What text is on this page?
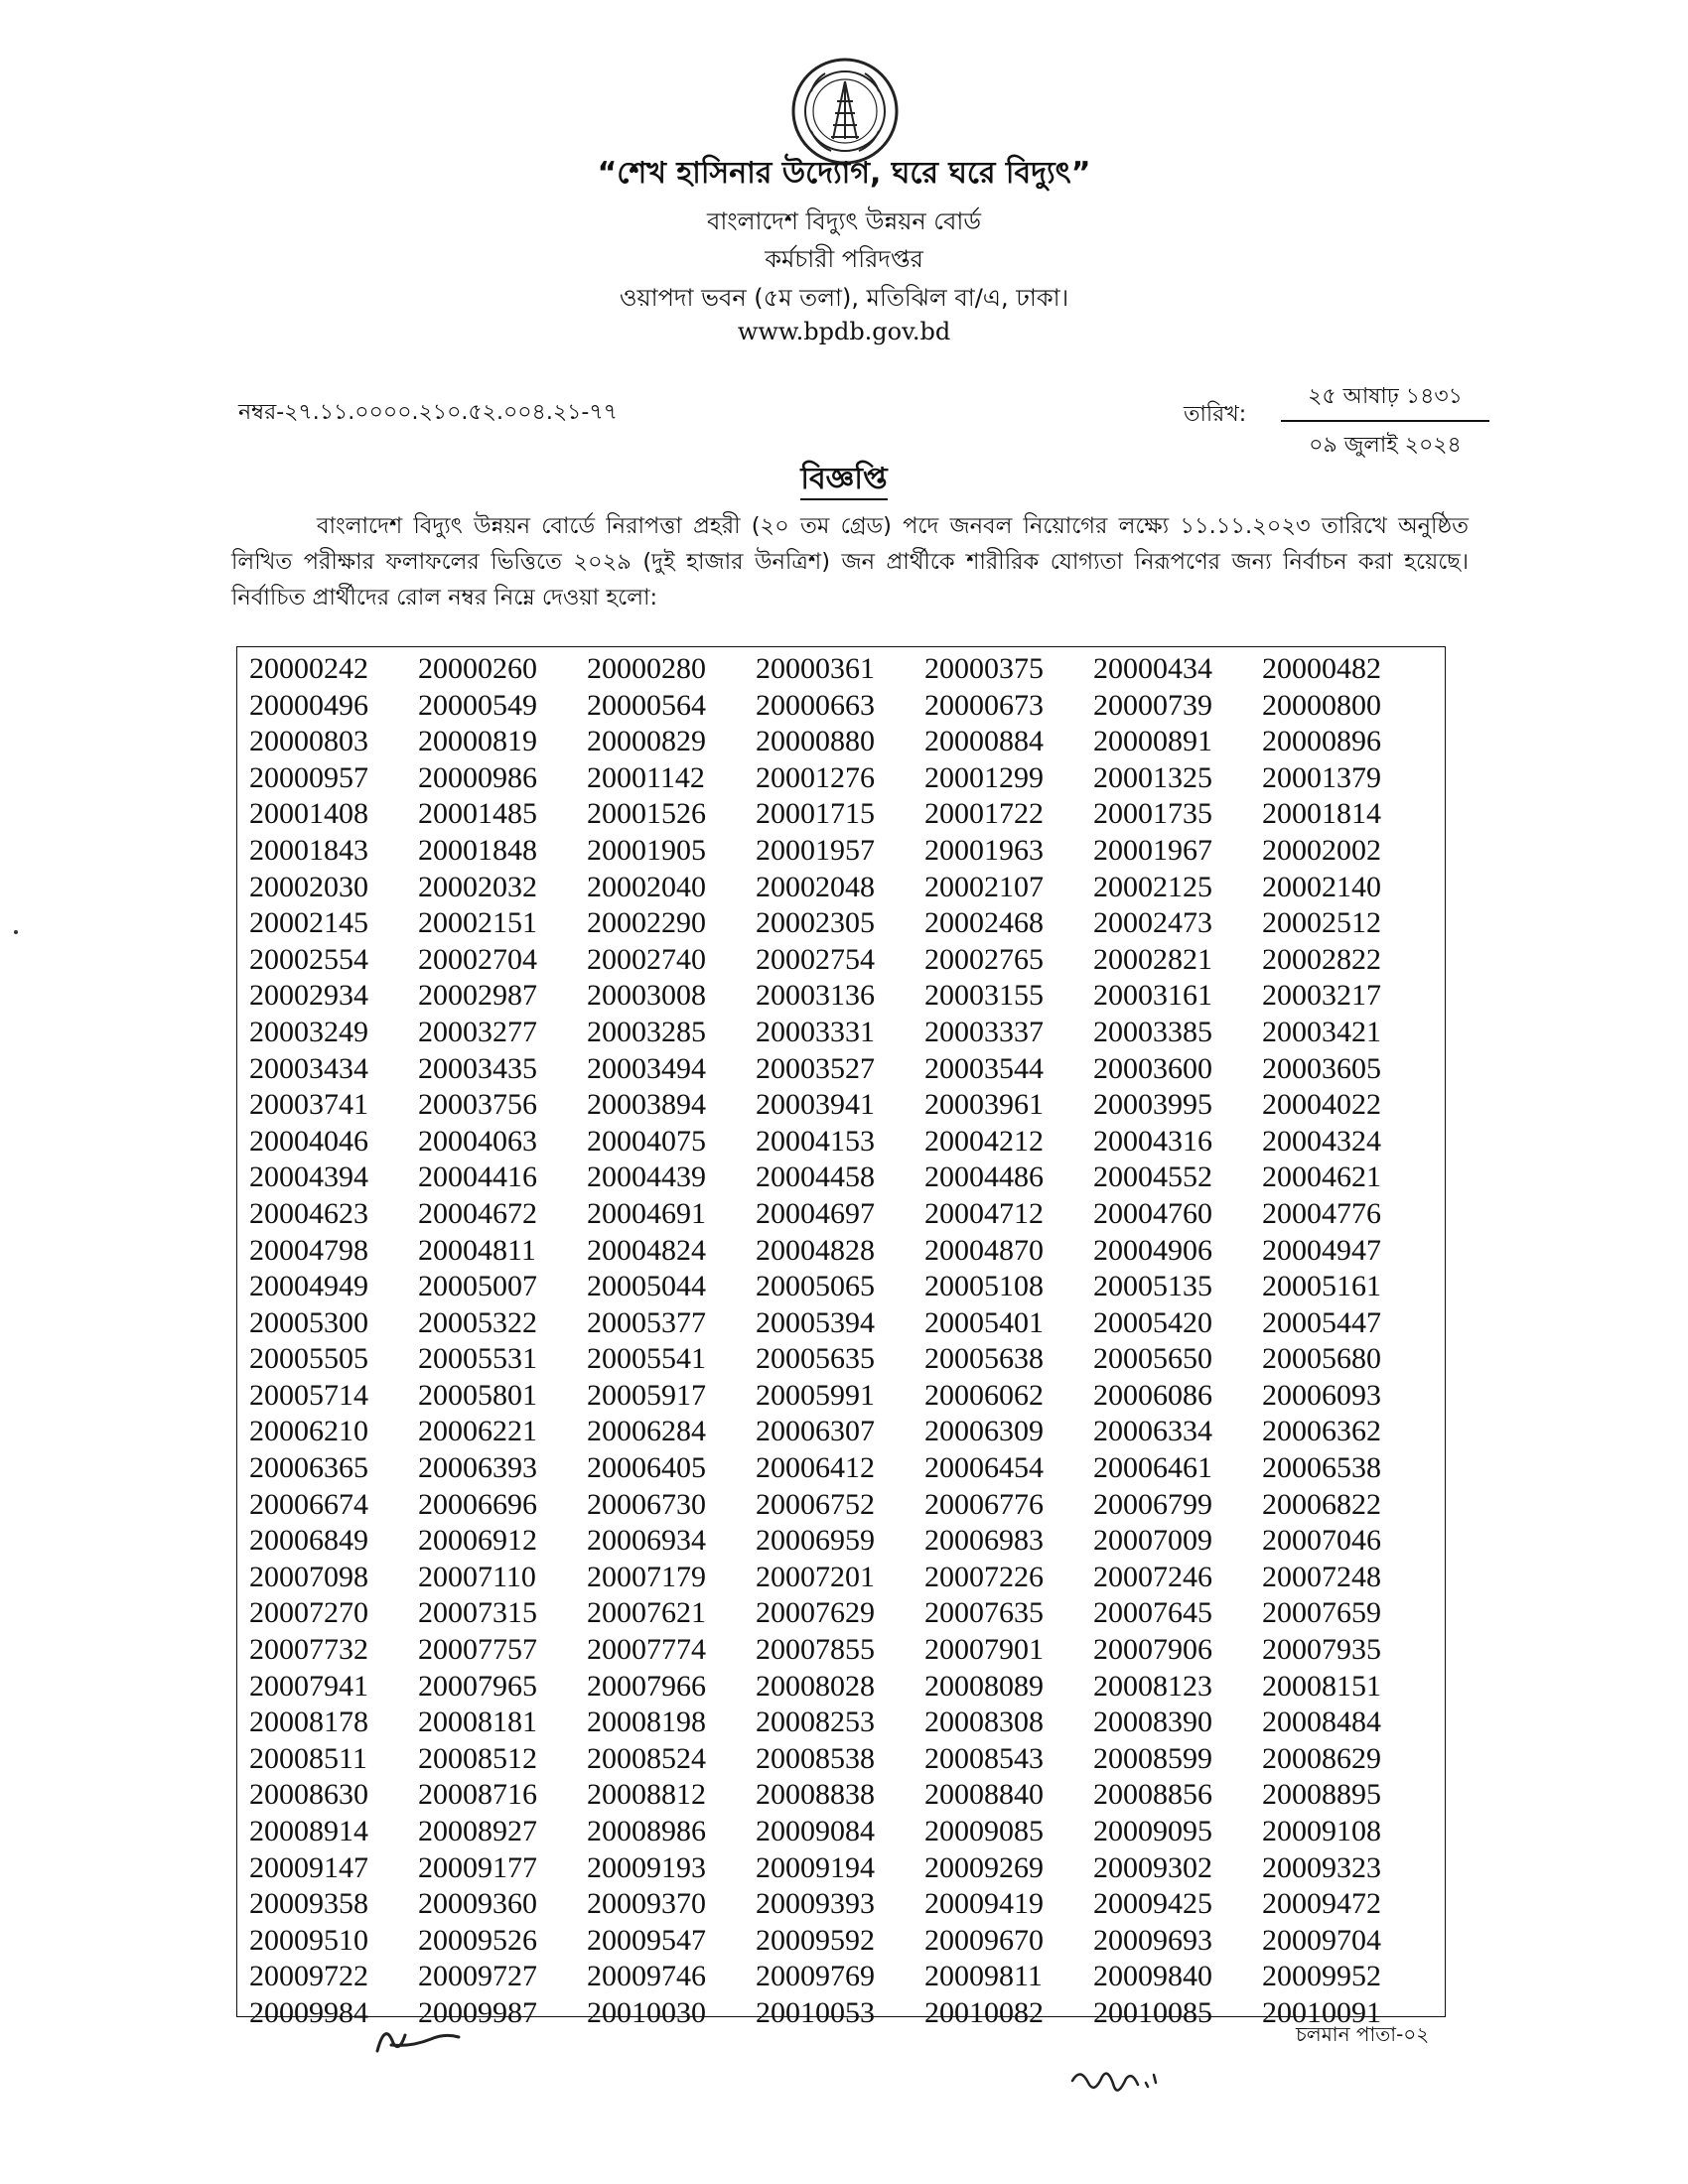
“শেখ হাসিনার উদ্যোগ, ঘরে ঘরে বিদ্যুৎ”
বাংলাদেশ বিদ্যুৎ উন্নয়ন বোর্ড
কর্মচারী পরিদপ্তর
ওয়াপদা ভবন (৫ম তলা), মতিঝিল বা/এ, ঢাকা।
www.bpdb.gov.bd
নম্বর-২৭.১১.০০০০.২১০.৫২.০০৪.২১-৭৭	তারিখ:
২৫ আষাঢ় ১৪৩১
০৯ জুলাই ২০২৪
বিজ্ঞপ্তি
বাংলাদেশ বিদ্যুৎ উন্নয়ন বোর্ডে নিরাপত্তা প্রহরী (২০ তম গ্রেড) পদে জনবল নিয়োগের লক্ষ্যে ১১.১১.২০২৩ তারিখে অনুষ্ঠিত লিখিত পরীক্ষার ফলাফলের ভিত্তিতে ২০২৯ (দুই হাজার উনত্রিশ) জন প্রার্থীকে শারীরিক যোগ্যতা নিরূপণের জন্য নির্বাচন করা হয়েছে। নির্বাচিত প্রার্থীদের রোল নম্বর নিম্নে দেওয়া হলো:
20000242	20000260	20000280	20000361	20000375	20000434	20000482
20000496	20000549	20000564	20000663	20000673	20000739	20000800
20000803	20000819	20000829	20000880	20000884	20000891	20000896
20000957	20000986	20001142	20001276	20001299	20001325	20001379
20001408	20001485	20001526	20001715	20001722	20001735	20001814
20001843	20001848	20001905	20001957	20001963	20001967	20002002
20002030	20002032	20002040	20002048	20002107	20002125	20002140
20002145	20002151	20002290	20002305	20002468	20002473	20002512
20002554	20002704	20002740	20002754	20002765	20002821	20002822
20002934	20002987	20003008	20003136	20003155	20003161	20003217
20003249	20003277	20003285	20003331	20003337	20003385	20003421
20003434	20003435	20003494	20003527	20003544	20003600	20003605
20003741	20003756	20003894	20003941	20003961	20003995	20004022
20004046	20004063	20004075	20004153	20004212	20004316	20004324
20004394	20004416	20004439	20004458	20004486	20004552	20004621
20004623	20004672	20004691	20004697	20004712	20004760	20004776
20004798	20004811	20004824	20004828	20004870	20004906	20004947
20004949	20005007	20005044	20005065	20005108	20005135	20005161
20005300	20005322	20005377	20005394	20005401	20005420	20005447
20005505	20005531	20005541	20005635	20005638	20005650	20005680
20005714	20005801	20005917	20005991	20006062	20006086	20006093
20006210	20006221	20006284	20006307	20006309	20006334	20006362
20006365	20006393	20006405	20006412	20006454	20006461	20006538
20006674	20006696	20006730	20006752	20006776	20006799	20006822
20006849	20006912	20006934	20006959	20006983	20007009	20007046
20007098	20007110	20007179	20007201	20007226	20007246	20007248
20007270	20007315	20007621	20007629	20007635	20007645	20007659
20007732	20007757	20007774	20007855	20007901	20007906	20007935
20007941	20007965	20007966	20008028	20008089	20008123	20008151
20008178	20008181	20008198	20008253	20008308	20008390	20008484
20008511	20008512	20008524	20008538	20008543	20008599	20008629
20008630	20008716	20008812	20008838	20008840	20008856	20008895
20008914	20008927	20008986	20009084	20009085	20009095	20009108
20009147	20009177	20009193	20009194	20009269	20009302	20009323
20009358	20009360	20009370	20009393	20009419	20009425	20009472
20009510	20009526	20009547	20009592	20009670	20009693	20009704
20009722	20009727	20009746	20009769	20009811	20009840	20009952
20009984	20009987	20010030	20010053	20010082	20010085	20010091
চলমান পাতা-০২
